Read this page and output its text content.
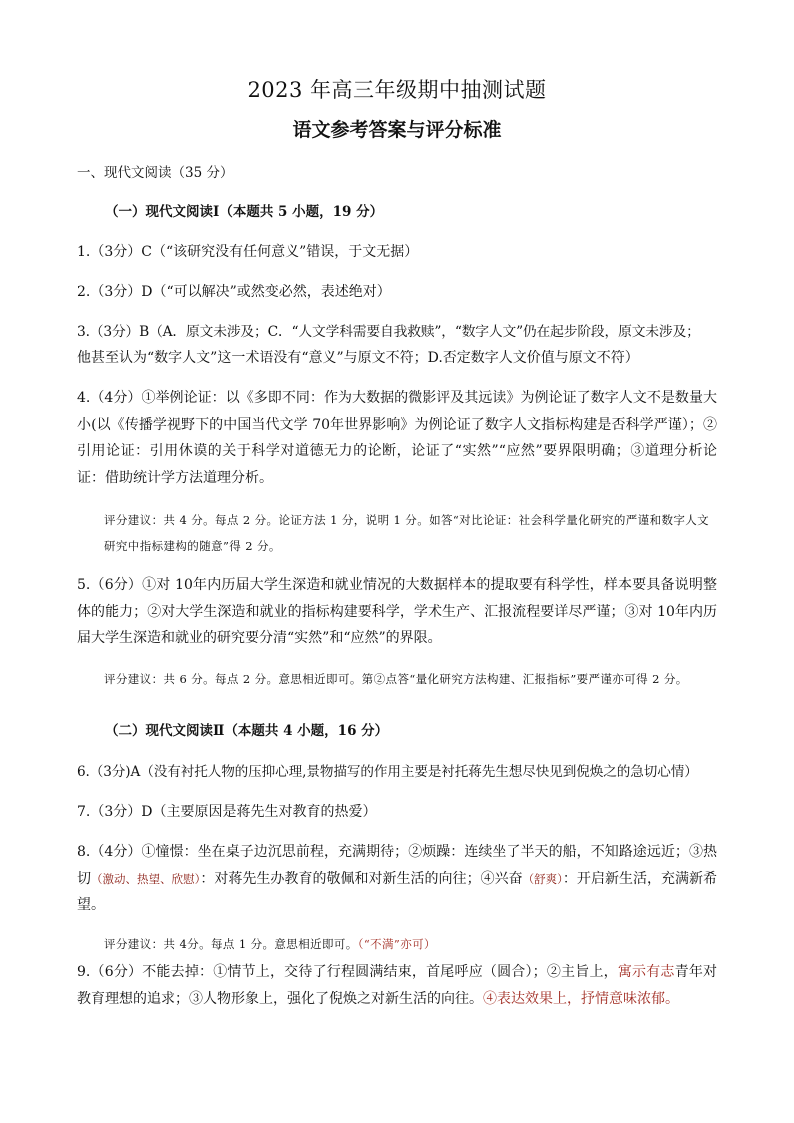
2023 年高三年级期中抽测试题
语文参考答案与评分标准
一、现代文阅读（35 分）
（一）现代文阅读Ⅰ（本题共 5 小题，19 分）
1.（3分）C（“该研究没有任何意义”错误，于文无据）
2.（3分）D（“可以解决”或然变必然，表述绝对）
3.（3分）B（A．原文未涉及；C．“人文学科需要自我救赎”，“数字人文”仍在起步阶段，原文未涉及；
他甚至认为“数字人文”这一术语没有“意义”与原文不符；D.否定数字人文价值与原文不符）
4.（4分）①举例论证：以《多即不同：作为大数据的微影评及其远读》为例论证了数字人文不是数量大小(以《传播学视野下的中国当代文学 70年世界影响》为例论证了数字人文指标构建是否科学严谨）；②引用论证：引用休谟的关于科学对道德无力的论断，论证了“实然”“应然”要界限明确；③道理分析论证：借助统计学方法道理分析。
评分建议：共 4 分。每点 2 分。论证方法 1 分，说明 1 分。如答“对比论证：社会科学量化研究的严谨和数字人文研究中指标建构的随意”得 2 分。
5.（6分）①对 10年内历届大学生深造和就业情况的大数据样本的提取要有科学性，样本要具备说明整体的能力；②对大学生深造和就业的指标构建要科学，学术生产、汇报流程要详尽严谨；③对 10年内历届大学生深造和就业的研究要分清“实然”和“应然”的界限。
评分建议：共 6 分。每点 2 分。意思相近即可。第②点答“量化研究方法构建、汇报指标”要严谨亦可得 2 分。
（二）现代文阅读Ⅱ（本题共 4 小题，16 分）
6.（3分)A（没有衬托人物的压抑心理,景物描写的作用主要是衬托蒋先生想尽快见到倪焕之的急切心情）
7.（3分）D（主要原因是蒋先生对教育的热爱）
8.（4分）①憧憬：坐在桌子边沉思前程，充满期待；②烦躁：连续坐了半天的船，不知路途远近；③热切（激动、热望、欣慰）：对蒋先生办教育的敬佩和对新生活的向往；④兴奋（舒爽）：开启新生活，充满新希望。
评分建议：共 4分。每点 1 分。意思相近即可。（“不满”亦可）
9.（6分）不能去掉：①情节上，交待了行程圆满结束，首尾呼应（圆合）；②主旨上，寓示有志青年对教育理想的追求；③人物形象上，强化了倪焕之对新生活的向往。④表达效果上，抒情意味浓郁。
